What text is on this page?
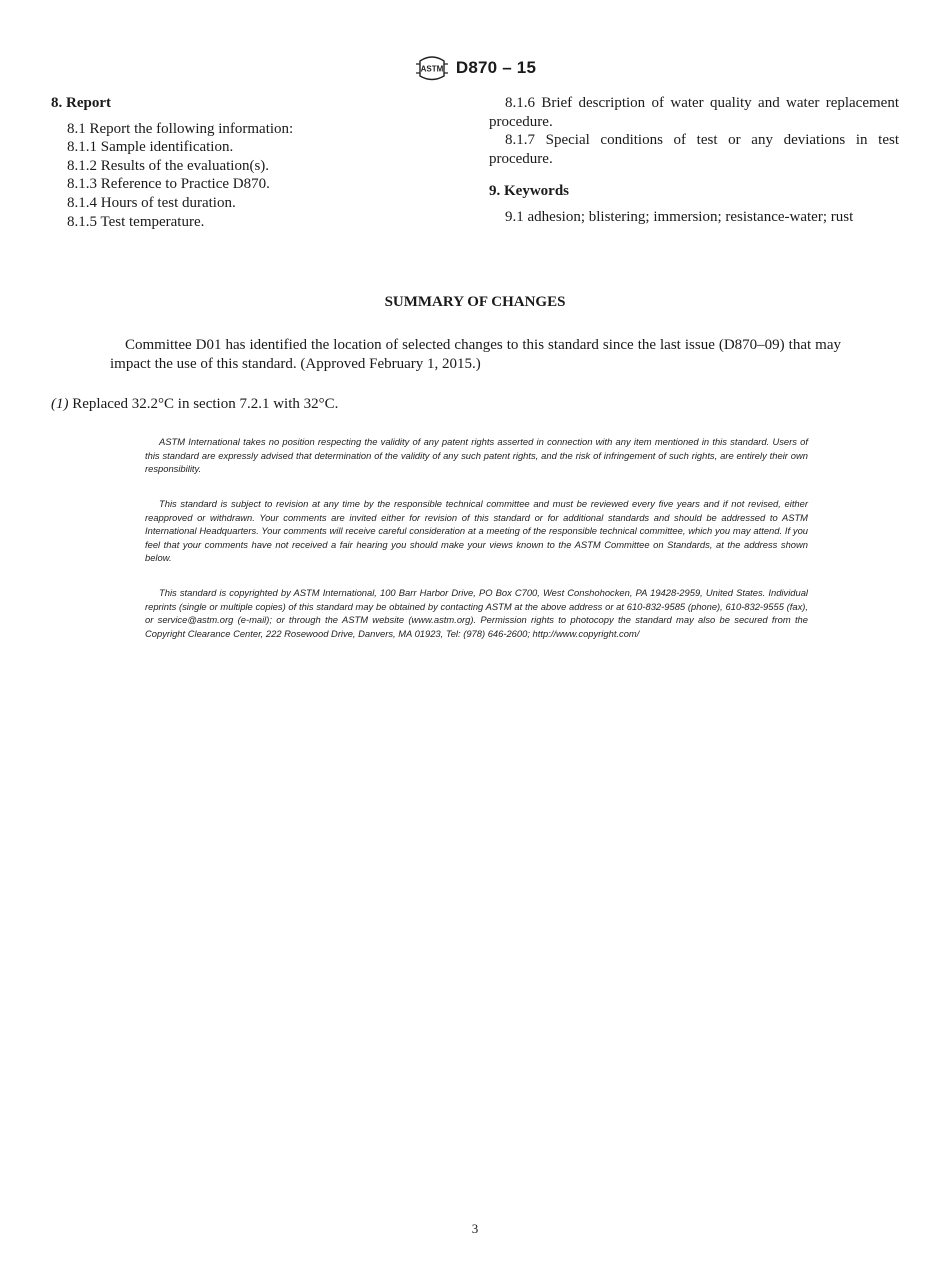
ASTM D870 – 15
8. Report
8.1 Report the following information:
8.1.1 Sample identification.
8.1.2 Results of the evaluation(s).
8.1.3 Reference to Practice D870.
8.1.4 Hours of test duration.
8.1.5 Test temperature.
8.1.6 Brief description of water quality and water replacement procedure.
8.1.7 Special conditions of test or any deviations in test procedure.
9. Keywords
9.1 adhesion; blistering; immersion; resistance-water; rust
SUMMARY OF CHANGES
Committee D01 has identified the location of selected changes to this standard since the last issue (D870–09) that may impact the use of this standard. (Approved February 1, 2015.)
(1) Replaced 32.2°C in section 7.2.1 with 32°C.
ASTM International takes no position respecting the validity of any patent rights asserted in connection with any item mentioned in this standard. Users of this standard are expressly advised that determination of the validity of any such patent rights, and the risk of infringement of such rights, are entirely their own responsibility.
This standard is subject to revision at any time by the responsible technical committee and must be reviewed every five years and if not revised, either reapproved or withdrawn. Your comments are invited either for revision of this standard or for additional standards and should be addressed to ASTM International Headquarters. Your comments will receive careful consideration at a meeting of the responsible technical committee, which you may attend. If you feel that your comments have not received a fair hearing you should make your views known to the ASTM Committee on Standards, at the address shown below.
This standard is copyrighted by ASTM International, 100 Barr Harbor Drive, PO Box C700, West Conshohocken, PA 19428-2959, United States. Individual reprints (single or multiple copies) of this standard may be obtained by contacting ASTM at the above address or at 610-832-9585 (phone), 610-832-9555 (fax), or service@astm.org (e-mail); or through the ASTM website (www.astm.org). Permission rights to photocopy the standard may also be secured from the Copyright Clearance Center, 222 Rosewood Drive, Danvers, MA 01923, Tel: (978) 646-2600; http://www.copyright.com/
3
